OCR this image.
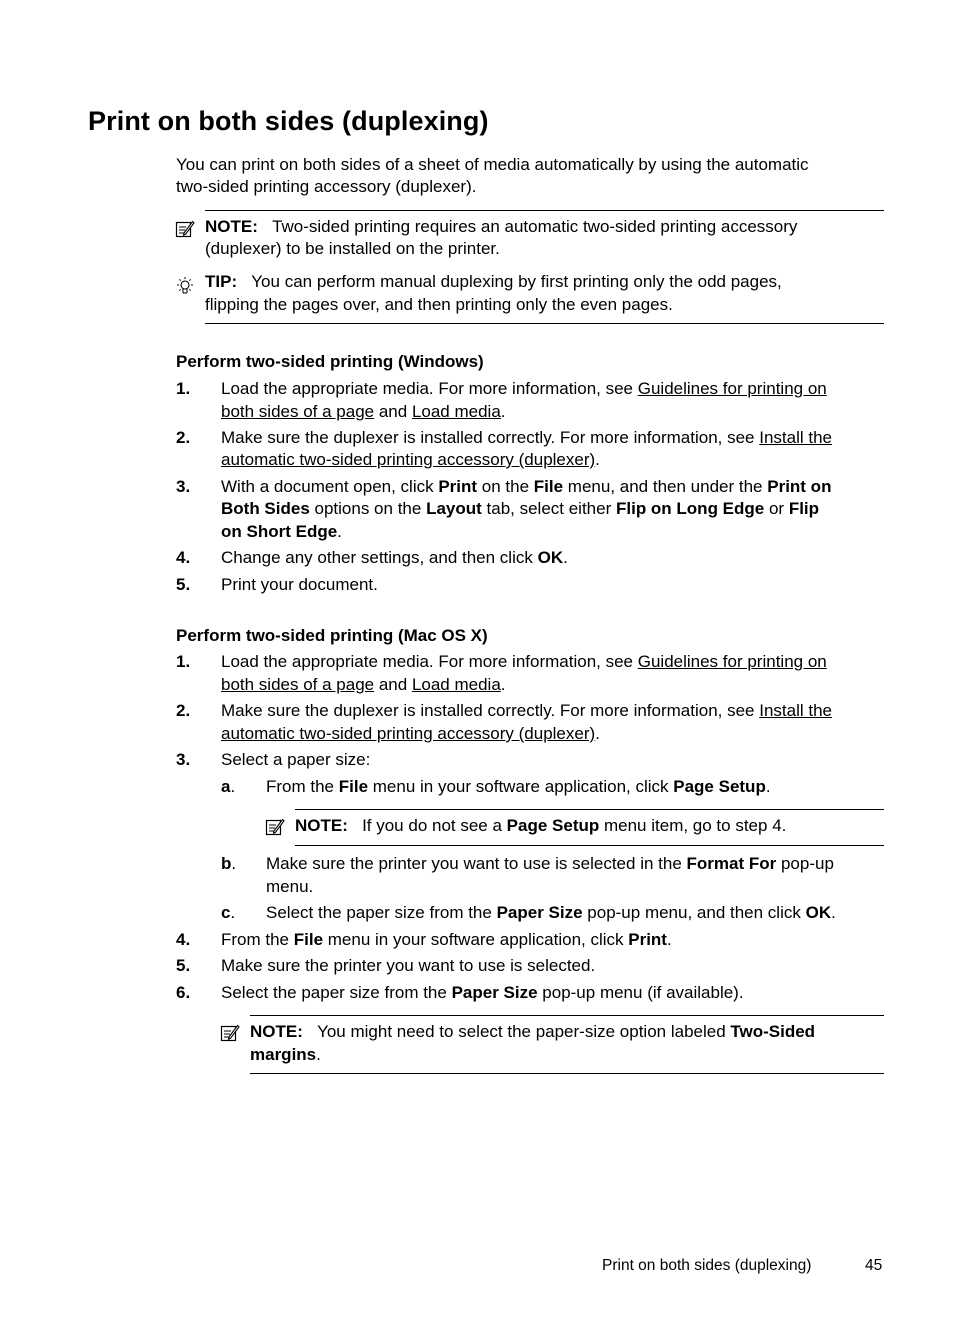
Print on both sides (duplexing)
You can print on both sides of a sheet of media automatically by using the automatic
two-sided printing accessory (duplexer).
NOTE: Two-sided printing requires an automatic two-sided printing accessory
(duplexer) to be installed on the printer.
TIP: You can perform manual duplexing by first printing only the odd pages,
flipping the pages over, and then printing only the even pages.
Perform two-sided printing (Windows)
1. Load the appropriate media. For more information, see Guidelines for printing on
both sides of a page and Load media.
2. Make sure the duplexer is installed correctly. For more information, see Install the
automatic two-sided printing accessory (duplexer).
3. With a document open, click Print on the File menu, and then under the Print on
Both Sides options on the Layout tab, select either Flip on Long Edge or Flip
on Short Edge.
4. Change any other settings, and then click OK.
5. Print your document.
Perform two-sided printing (Mac OS X)
1. Load the appropriate media. For more information, see Guidelines for printing on
both sides of a page and Load media.
2. Make sure the duplexer is installed correctly. For more information, see Install the
automatic two-sided printing accessory (duplexer).
3. Select a paper size:
a. From the File menu in your software application, click Page Setup.
NOTE: If you do not see a Page Setup menu item, go to step 4.
b. Make sure the printer you want to use is selected in the Format For pop-up
menu.
c. Select the paper size from the Paper Size pop-up menu, and then click OK.
4. From the File menu in your software application, click Print.
5. Make sure the printer you want to use is selected.
6. Select the paper size from the Paper Size pop-up menu (if available).
NOTE: You might need to select the paper-size option labeled Two-Sided
margins.
Print on both sides (duplexing)	45
